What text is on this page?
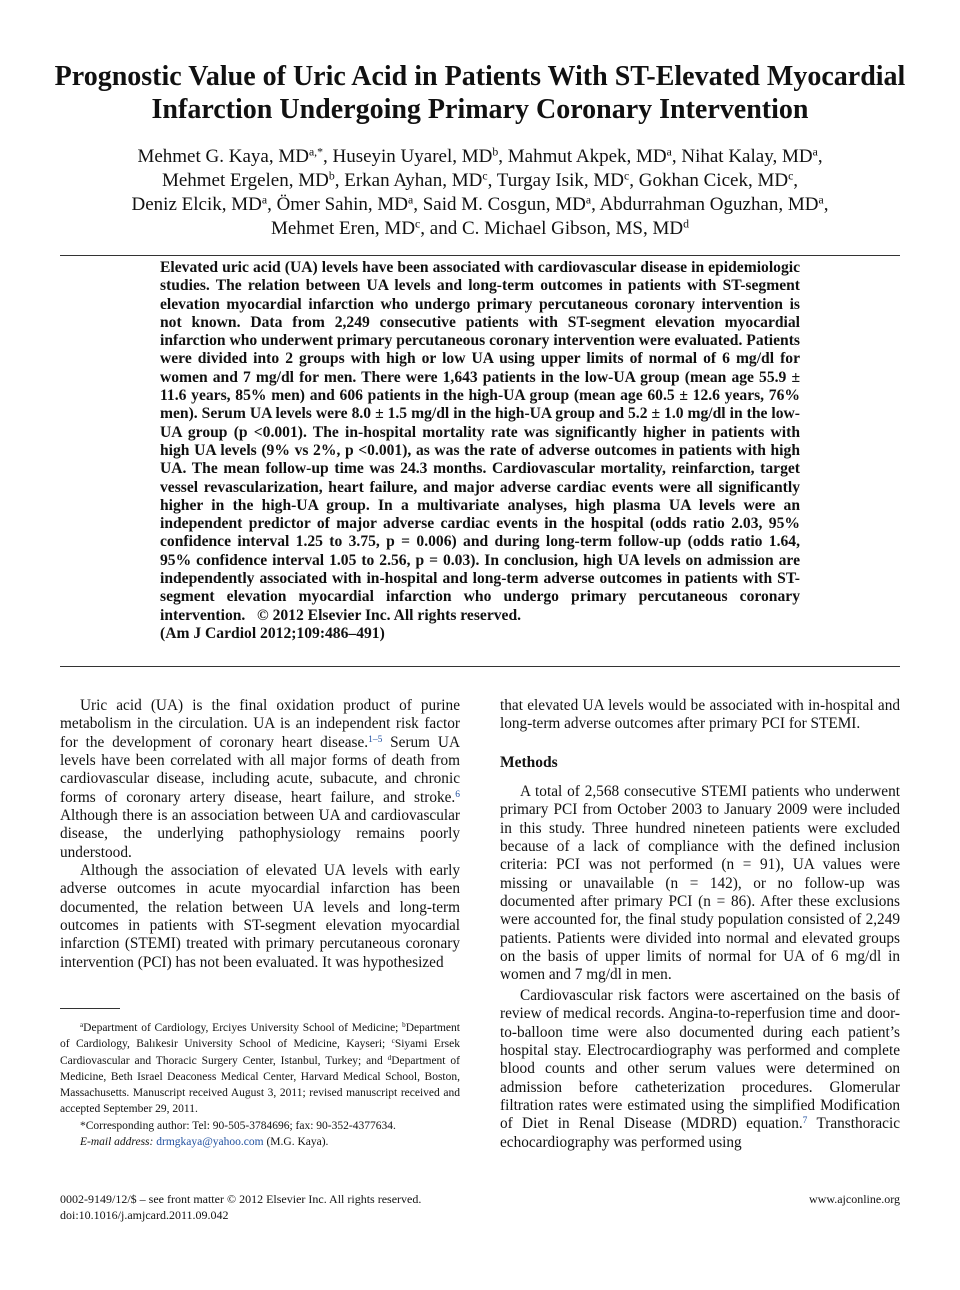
Prognostic Value of Uric Acid in Patients With ST-Elevated Myocardial Infarction Undergoing Primary Coronary Intervention
Mehmet G. Kaya, $MD^{a,*}$, Huseyin Uyarel, $MD^b$, Mahmut Akpek, $MD^a$, Nihat Kalay, $MD^a$,
Mehmet Ergelen, $MD^b$, Erkan Ayhan, $MD^c$, Turgay Isik, $MD^c$, Gokhan Cicek, $MD^c$,
Deniz Elcik, $MD^a$, Ömer Sahin, $MD^a$, Said M. Cosgun, $MD^a$, Abdurrahman Oguzhan, $MD^a$,
Mehmet Eren, $MD^c$, and C. Michael Gibson, MS, $MD^d$
Elevated uric acid (UA) levels have been associated with cardiovascular disease in epidemiologic studies. The relation between UA levels and long-term outcomes in patients with ST-segment elevation myocardial infarction who undergo primary percutaneous coronary intervention is not known. Data from 2,249 consecutive patients with ST-segment elevation myocardial infarction who underwent primary percutaneous coronary intervention were evaluated. Patients were divided into 2 groups with high or low UA using upper limits of normal of 6 mg/dl for women and 7 mg/dl for men. There were 1,643 patients in the low-UA group (mean age 55.9 ± 11.6 years, 85% men) and 606 patients in the high-UA group (mean age 60.5 ± 12.6 years, 76% men). Serum UA levels were 8.0 ± 1.5 mg/dl in the high-UA group and 5.2 ± 1.0 mg/dl in the low-UA group (p <0.001). The in-hospital mortality rate was significantly higher in patients with high UA levels (9% vs 2%, p <0.001), as was the rate of adverse outcomes in patients with high UA. The mean follow-up time was 24.3 months. Cardiovascular mortality, reinfarction, target vessel revascularization, heart failure, and major adverse cardiac events were all significantly higher in the high-UA group. In a multivariate analyses, high plasma UA levels were an independent predictor of major adverse cardiac events in the hospital (odds ratio 2.03, 95% confidence interval 1.25 to 3.75, p = 0.006) and during long-term follow-up (odds ratio 1.64, 95% confidence interval 1.05 to 2.56, p = 0.03). In conclusion, high UA levels on admission are independently associated with in-hospital and long-term adverse outcomes in patients with ST-segment elevation myocardial infarction who undergo primary percutaneous coronary intervention. © 2012 Elsevier Inc. All rights reserved.
(Am J Cardiol 2012;109:486–491)

Uric acid (UA) is the final oxidation product of purine metabolism in the circulation. UA is an independent risk factor for the development of coronary heart disease.$^{1-5}$ Serum UA levels have been correlated with all major forms of death from cardiovascular disease, including acute, subacute, and chronic forms of coronary artery disease, heart failure, and stroke.$^6$ Although there is an association between UA and cardiovascular disease, the underlying pathophysiology remains poorly understood.

Although the association of elevated UA levels with early adverse outcomes in acute myocardial infarction has been documented, the relation between UA levels and long-term outcomes in patients with ST-segment elevation myocardial infarction (STEMI) treated with primary percutaneous coronary intervention (PCI) has not been evaluated. It was hypothesized

that elevated UA levels would be associated with in-hospital and long-term adverse outcomes after primary PCI for STEMI.

Methods

A total of 2,568 consecutive STEMI patients who underwent primary PCI from October 2003 to January 2009 were included in this study. Three hundred nineteen patients were excluded because of a lack of compliance with the defined inclusion criteria: PCI was not performed (n = 91), UA values were missing or unavailable (n = 142), or no follow-up was documented after primary PCI (n = 86). After these exclusions were accounted for, the final study population consisted of 2,249 patients. Patients were divided into normal and elevated groups on the basis of upper limits of normal for UA of 6 mg/dl in women and 7 mg/dl in men.

Cardiovascular risk factors were ascertained on the basis of review of medical records. Angina-to-reperfusion time and door-to-balloon time were also documented during each patient’s hospital stay. Electrocardiography was performed and complete blood counts and other serum values were determined on admission before catheterization procedures. Glomerular filtration rates were estimated using the simplified Modification of Diet in Renal Disease (MDRD) equation.$^7$ Transthoracic echocardiography was performed using

$^a$Department of Cardiology, Erciyes University School of Medicine; $^b$Department of Cardiology, Balıkesir University School of Medicine, Kayseri; $^c$Siyami Ersek Cardiovascular and Thoracic Surgery Center, Istanbul, Turkey; and $^d$Department of Medicine, Beth Israel Deaconess Medical Center, Harvard Medical School, Boston, Massachusetts. Manuscript received August 3, 2011; revised manuscript received and accepted September 29, 2011.

*Corresponding author: Tel: 90-505-3784696; fax: 90-352-4377634.

E-mail address: drmgkaya@yahoo.com (M.G. Kaya).

0002-9149/12/$ – see front matter © 2012 Elsevier Inc. All rights reserved.
doi:10.1016/j.amjcard.2011.09.042
www.ajconline.org
